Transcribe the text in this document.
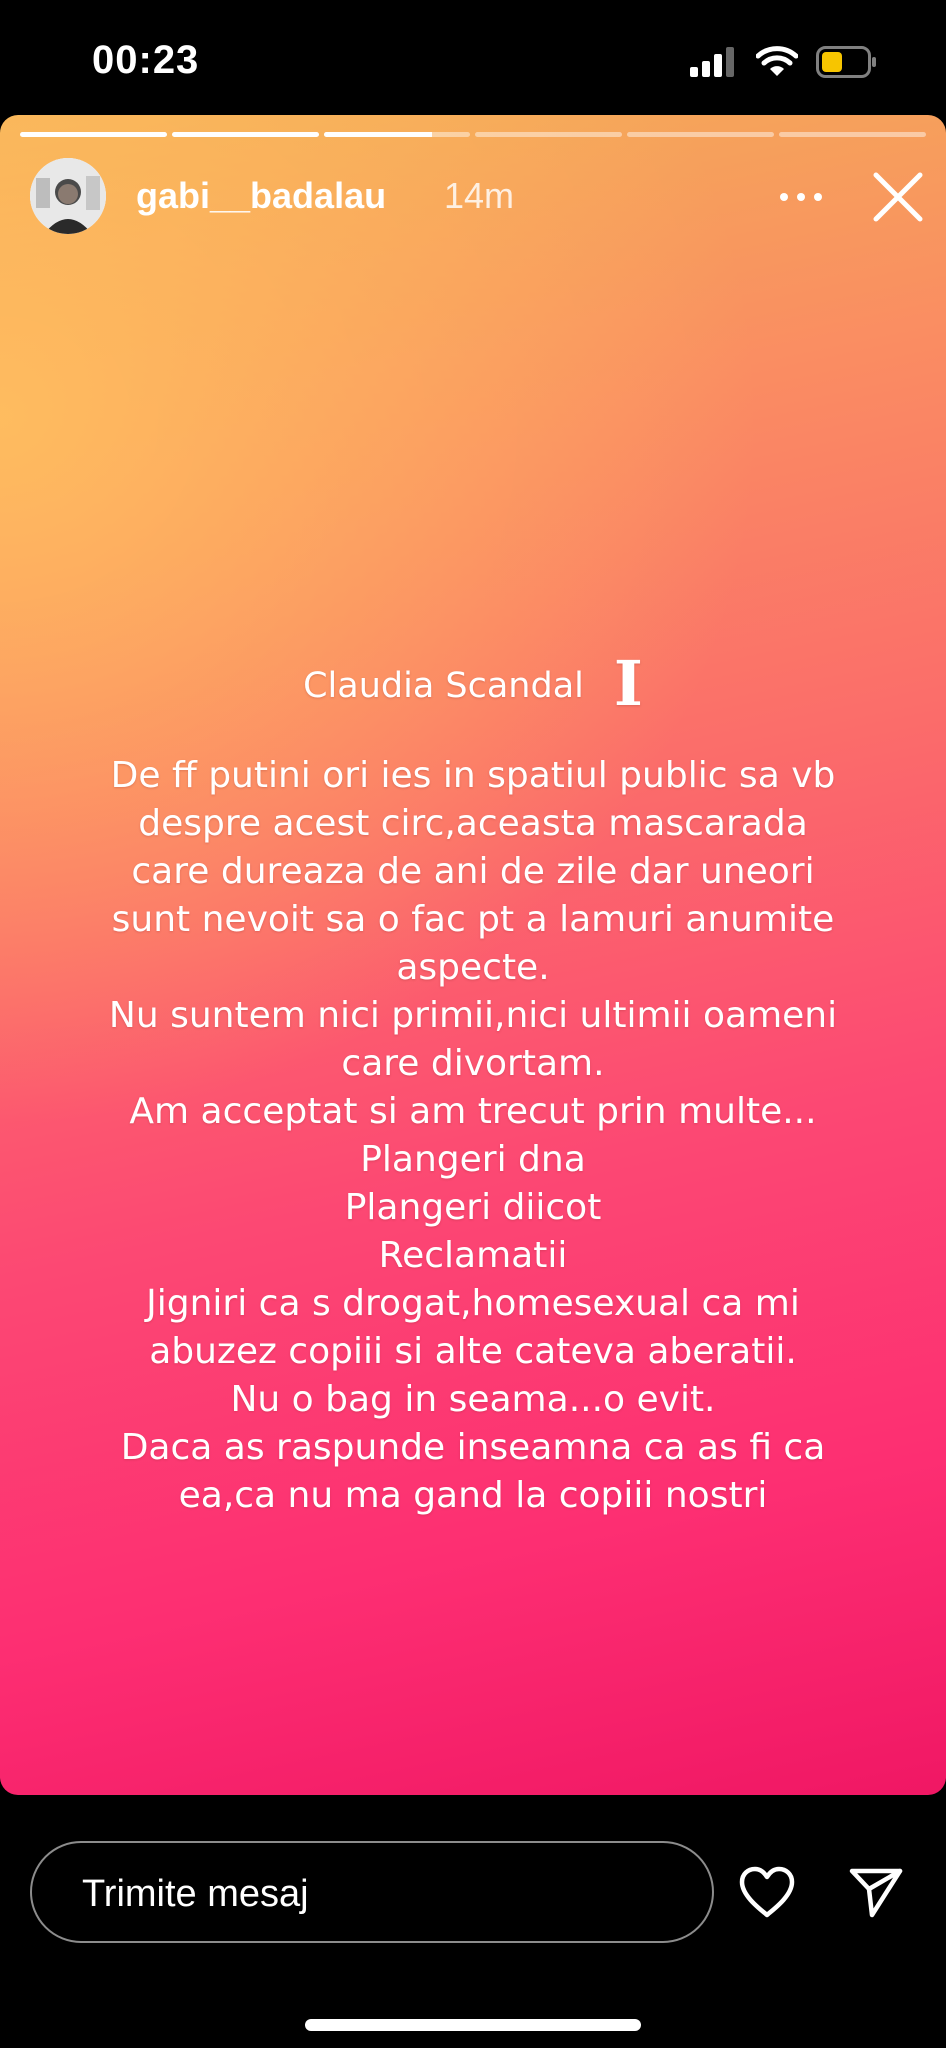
00:23
gabi__badalau 14m
Claudia Scandal I
De ff putini ori ies in spatiul public sa vb
despre acest circ,aceasta mascarada
care dureaza de ani de zile dar uneori
sunt nevoit sa o fac pt a lamuri anumite
aspecte.
Nu suntem nici primii,nici ultimii oameni
care divortam.
Am acceptat si am trecut prin multe...
Plangeri dna
Plangeri diicot
Reclamatii
Jigniri ca s drogat,homesexual ca mi
abuzez copiii si alte cateva aberatii.
Nu o bag in seama...o evit.
Daca as raspunde inseamna ca as fi ca
ea,ca nu ma gand la copiii nostri
Trimite mesaj
